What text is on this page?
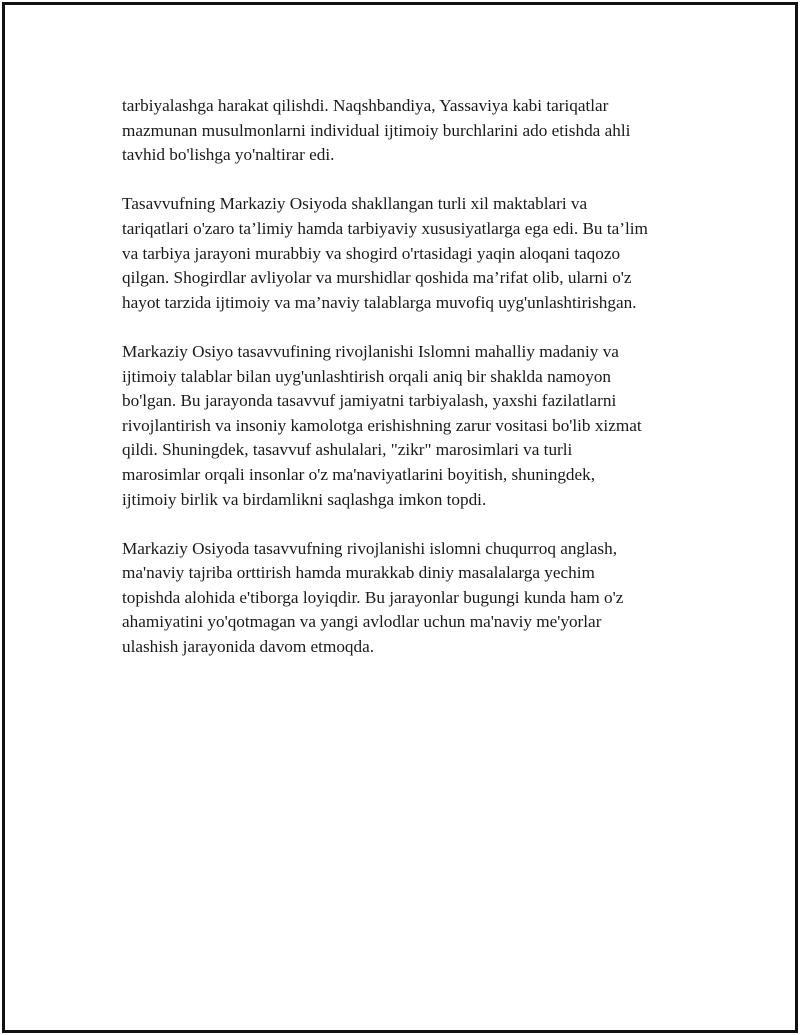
tarbiyalashga harakat qilishdi. Naqshbandiya, Yassaviya kabi tariqatlar
mazmunan musulmonlarni individual ijtimoiy burchlarini ado etishda ahli
tavhid bo'lishga yo'naltirar edi.

Tasavvufning Markaziy Osiyoda shakllangan turli xil maktablari va
tariqatlari o'zaro ta’limiy hamda tarbiyaviy xususiyatlarga ega edi. Bu ta’lim
va tarbiya jarayoni murabbiy va shogird o'rtasidagi yaqin aloqani taqozo
qilgan. Shogirdlar avliyolar va murshidlar qoshida ma’rifat olib, ularni o'z
hayot tarzida ijtimoiy va ma’naviy talablarga muvofiq uyg'unlashtirishgan.

Markaziy Osiyo tasavvufining rivojlanishi Islomni mahalliy madaniy va
ijtimoiy talablar bilan uyg'unlashtirish orqali aniq bir shaklda namoyon
bo'lgan. Bu jarayonda tasavvuf jamiyatni tarbiyalash, yaxshi fazilatlarni
rivojlantirish va insoniy kamolotga erishishning zarur vositasi bo'lib xizmat
qildi. Shuningdek, tasavvuf ashulalari, "zikr" marosimlari va turli
marosimlar orqali insonlar o'z ma'naviyatlarini boyitish, shuningdek,
ijtimoiy birlik va birdamlikni saqlashga imkon topdi.

Markaziy Osiyoda tasavvufning rivojlanishi islomni chuqurroq anglash,
ma'naviy tajriba orttirish hamda murakkab diniy masalalarga yechim
topishda alohida e'tiborga loyiqdir. Bu jarayonlar bugungi kunda ham o'z
ahamiyatini yo'qotmagan va yangi avlodlar uchun ma'naviy me'yorlar
ulashish jarayonida davom etmoqda.
